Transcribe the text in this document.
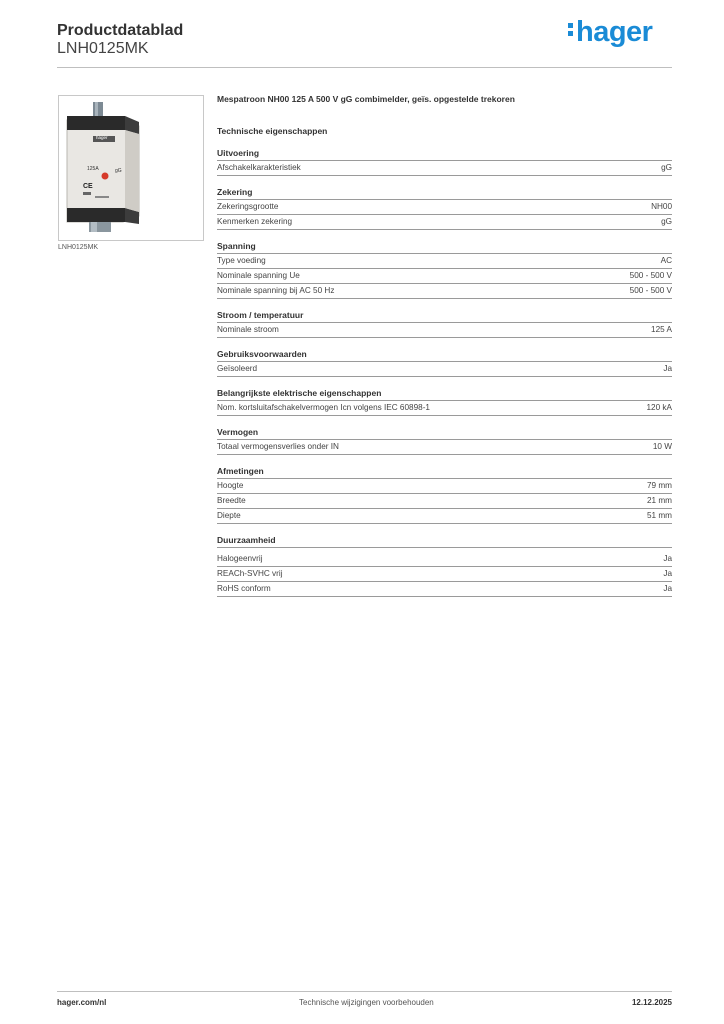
Productdatablad
LNH0125MK
hager
hager
125A	gG
CE
LNH0125MK

Mespatroon NH00 125 A 500 V gG combimelder, geïs. opgestelde trekoren

Technische eigenschappen
Uitvoering
Afschakelkarakteristiek	gG
Zekering
Zekeringsgrootte	NH00
Kenmerken zekering	gG
Spanning
Type voeding	AC
Nominale spanning Ue	500 - 500 V
Nominale spanning bij AC 50 Hz	500 - 500 V
Stroom / temperatuur
Nominale stroom	125 A
Gebruiksvoorwaarden
Geïsoleerd	Ja
Belangrijkste elektrische eigenschappen
Nom. kortsluitafschakelvermogen Icn volgens IEC 60898-1	120 kA
Vermogen
Totaal vermogensverlies onder IN	10 W
Afmetingen
Hoogte	79 mm
Breedte	21 mm
Diepte	51 mm
Duurzaamheid
Halogeenvrij	Ja
REACh-SVHC vrij	Ja
RoHS conform	Ja
hager.com/nl	Technische wijzigingen voorbehouden	12.12.2025
